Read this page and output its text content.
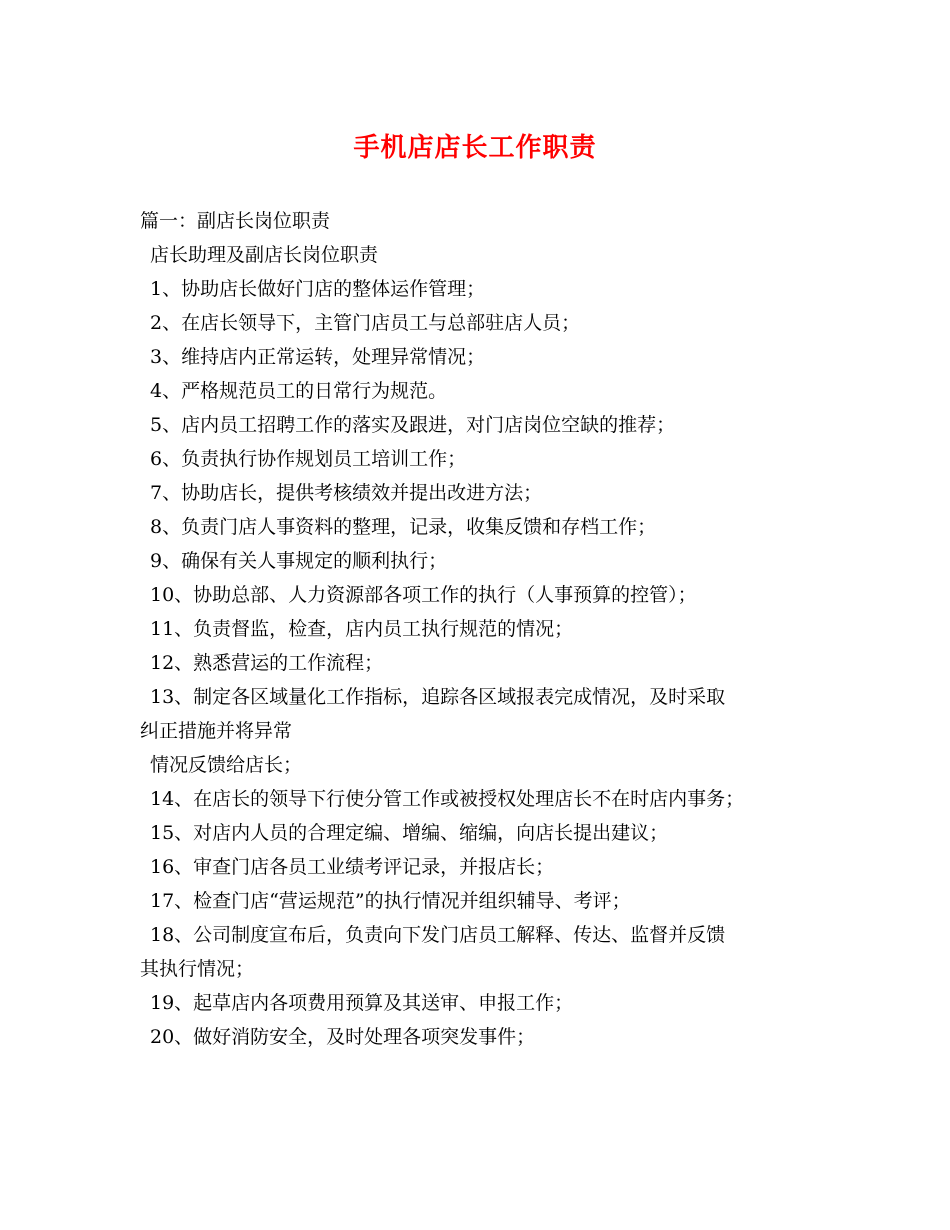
手机店店长工作职责
篇一：副店长岗位职责
店长助理及副店长岗位职责
1、协助店长做好门店的整体运作管理；
2、在店长领导下，主管门店员工与总部驻店人员；
3、维持店内正常运转，处理异常情况；
4、严格规范员工的日常行为规范。
5、店内员工招聘工作的落实及跟进，对门店岗位空缺的推荐；
6、负责执行协作规划员工培训工作；
7、协助店长，提供考核绩效并提出改进方法；
8、负责门店人事资料的整理，记录，收集反馈和存档工作；
9、确保有关人事规定的顺利执行；
10、协助总部、人力资源部各项工作的执行（人事预算的控管）；
11、负责督监，检查，店内员工执行规范的情况；
12、熟悉营运的工作流程；
13、制定各区域量化工作指标，追踪各区域报表完成情况，及时采取
纠正措施并将异常
情况反馈给店长；
14、在店长的领导下行使分管工作或被授权处理店长不在时店内事务；
15、对店内人员的合理定编、增编、缩编，向店长提出建议；
16、审查门店各员工业绩考评记录，并报店长；
17、检查门店“营运规范”的执行情况并组织辅导、考评；
18、公司制度宣布后，负责向下发门店员工解释、传达、监督并反馈
其执行情况；
19、起草店内各项费用预算及其送审、申报工作；
20、做好消防安全，及时处理各项突发事件；
